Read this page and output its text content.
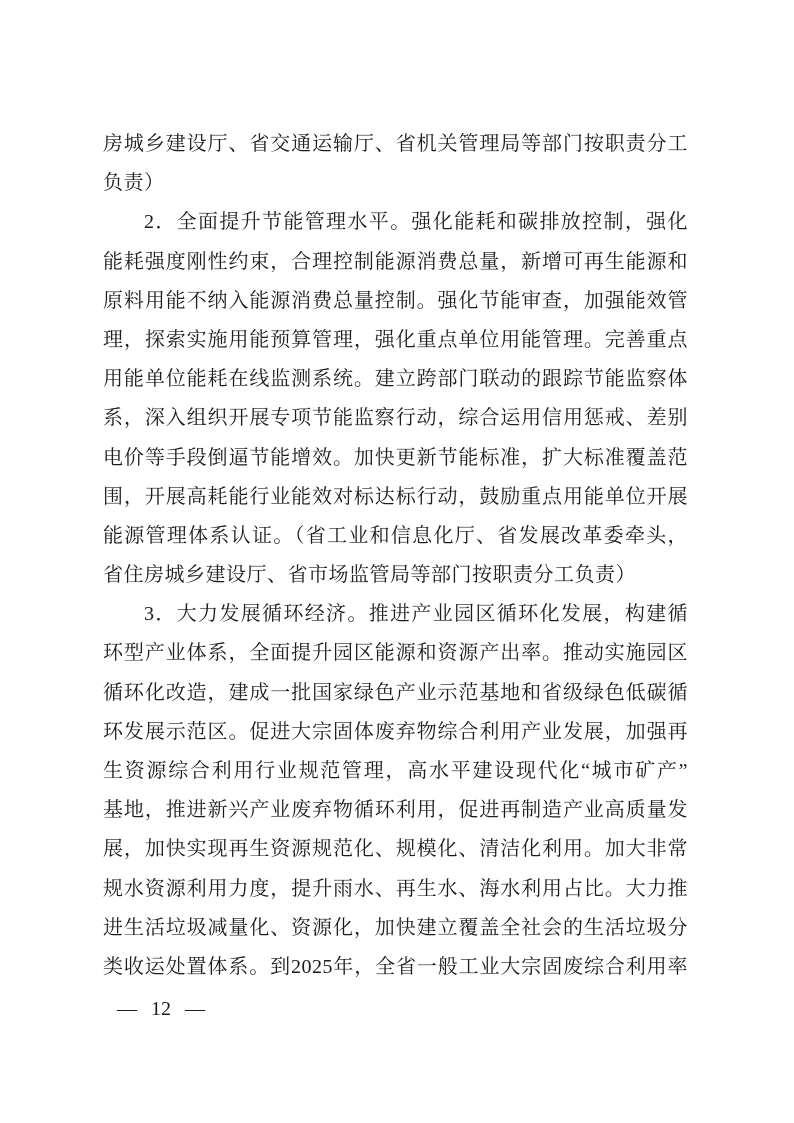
房城乡建设厅、省交通运输厅、省机关管理局等部门按职责分工
负责）
2．全面提升节能管理水平。强化能耗和碳排放控制，强化
能耗强度刚性约束，合理控制能源消费总量，新增可再生能源和
原料用能不纳入能源消费总量控制。强化节能审查，加强能效管
理，探索实施用能预算管理，强化重点单位用能管理。完善重点
用能单位能耗在线监测系统。建立跨部门联动的跟踪节能监察体
系，深入组织开展专项节能监察行动，综合运用信用惩戒、差别
电价等手段倒逼节能增效。加快更新节能标准，扩大标准覆盖范
围，开展高耗能行业能效对标达标行动，鼓励重点用能单位开展
能源管理体系认证。（省工业和信息化厅、省发展改革委牵头，
省住房城乡建设厅、省市场监管局等部门按职责分工负责）
3．大力发展循环经济。推进产业园区循环化发展，构建循
环型产业体系，全面提升园区能源和资源产出率。推动实施园区
循环化改造，建成一批国家绿色产业示范基地和省级绿色低碳循
环发展示范区。促进大宗固体废弃物综合利用产业发展，加强再
生资源综合利用行业规范管理，高水平建设现代化“城市矿产”
基地，推进新兴产业废弃物循环利用，促进再制造产业高质量发
展，加快实现再生资源规范化、规模化、清洁化利用。加大非常
规水资源利用力度，提升雨水、再生水、海水利用占比。大力推
进生活垃圾减量化、资源化，加快建立覆盖全社会的生活垃圾分
类收运处置体系。到2025年，全省一般工业大宗固废综合利用率
— 12 —
